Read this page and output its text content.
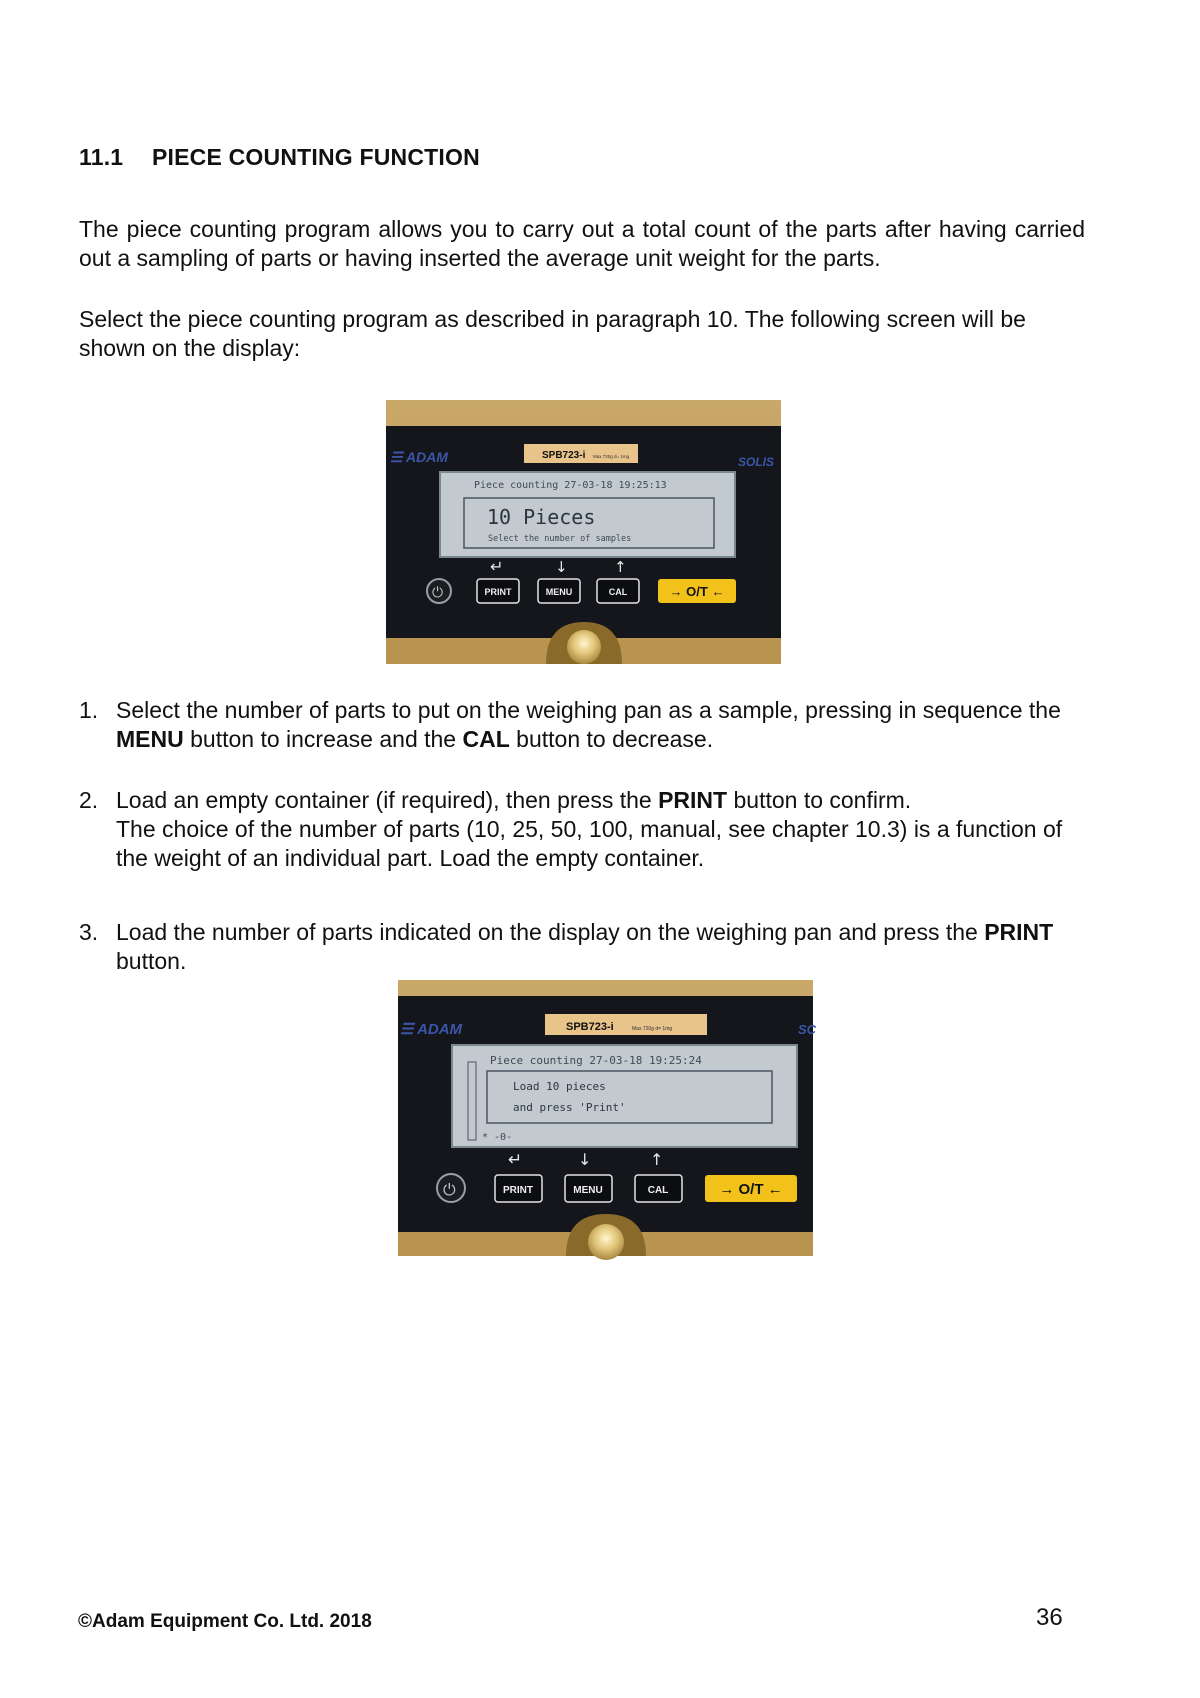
11.1 PIECE COUNTING FUNCTION
The piece counting program allows you to carry out a total count of the parts after having carried out a sampling of parts or having inserted the average unit weight for the parts.
Select the piece counting program as described in paragraph 10. The following screen will be shown on the display:
☰ ADAM	SOLIS
SPB723-i Max 720g d= 1mg
Piece counting 27-03-18 19:25:13
10 Pieces
Select the number of samples
↵	↓	↑
⏻	PRINT	MENU	CAL	→ O/T ←
1. Select the number of parts to put on the weighing pan as a sample, pressing in sequence the MENU button to increase and the CAL button to decrease.
2. Load an empty container (if required), then press the PRINT button to confirm.
The choice of the number of parts (10, 25, 50, 100, manual, see chapter 10.3) is a function of the weight of an individual part. Load the empty container.
3. Load the number of parts indicated on the display on the weighing pan and press the PRINT button.
☰ ADAM	SC
SPB723-i	Max 720g d= 1mg
Piece counting 27-03-18 19:25:24
Load 10 pieces
and press 'Print'
* -0-
↵	↓	↑
⏻	PRINT	MENU	CAL	→ O/T ←
©Adam Equipment Co. Ltd. 2018	36
